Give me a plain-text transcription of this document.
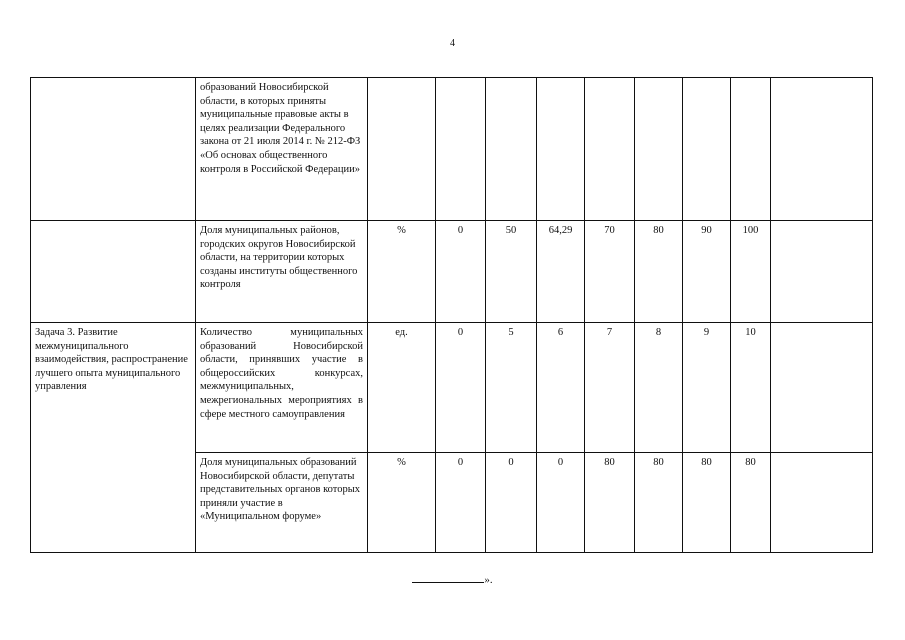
4
	образований Новосибирской области, в которых приняты муниципальные правовые акты в целях реализации Федерального закона от 21 июля 2014 г. № 212-ФЗ «Об основах общественного контроля в Российской Федерации»									
	Доля муниципальных районов, городских округов Новосибирской области, на территории которых созданы институты общественного контроля	%	0	50	64,29	70	80	90	100	
Задача 3. Развитие межмуниципального взаимодействия, распространение лучшего опыта муниципального управления	Количество муниципальных образований Новосибирской области, принявших участие в общероссийских конкурсах, межмуниципальных, межрегиональных мероприятиях в сфере местного самоуправления	ед.	0	5	6	7	8	9	10	
	Доля муниципальных образований Новосибирской области, депутаты представительных органов которых приняли участие в «Муниципальном форуме»	%	0	0	0	80	80	80	80	
».
